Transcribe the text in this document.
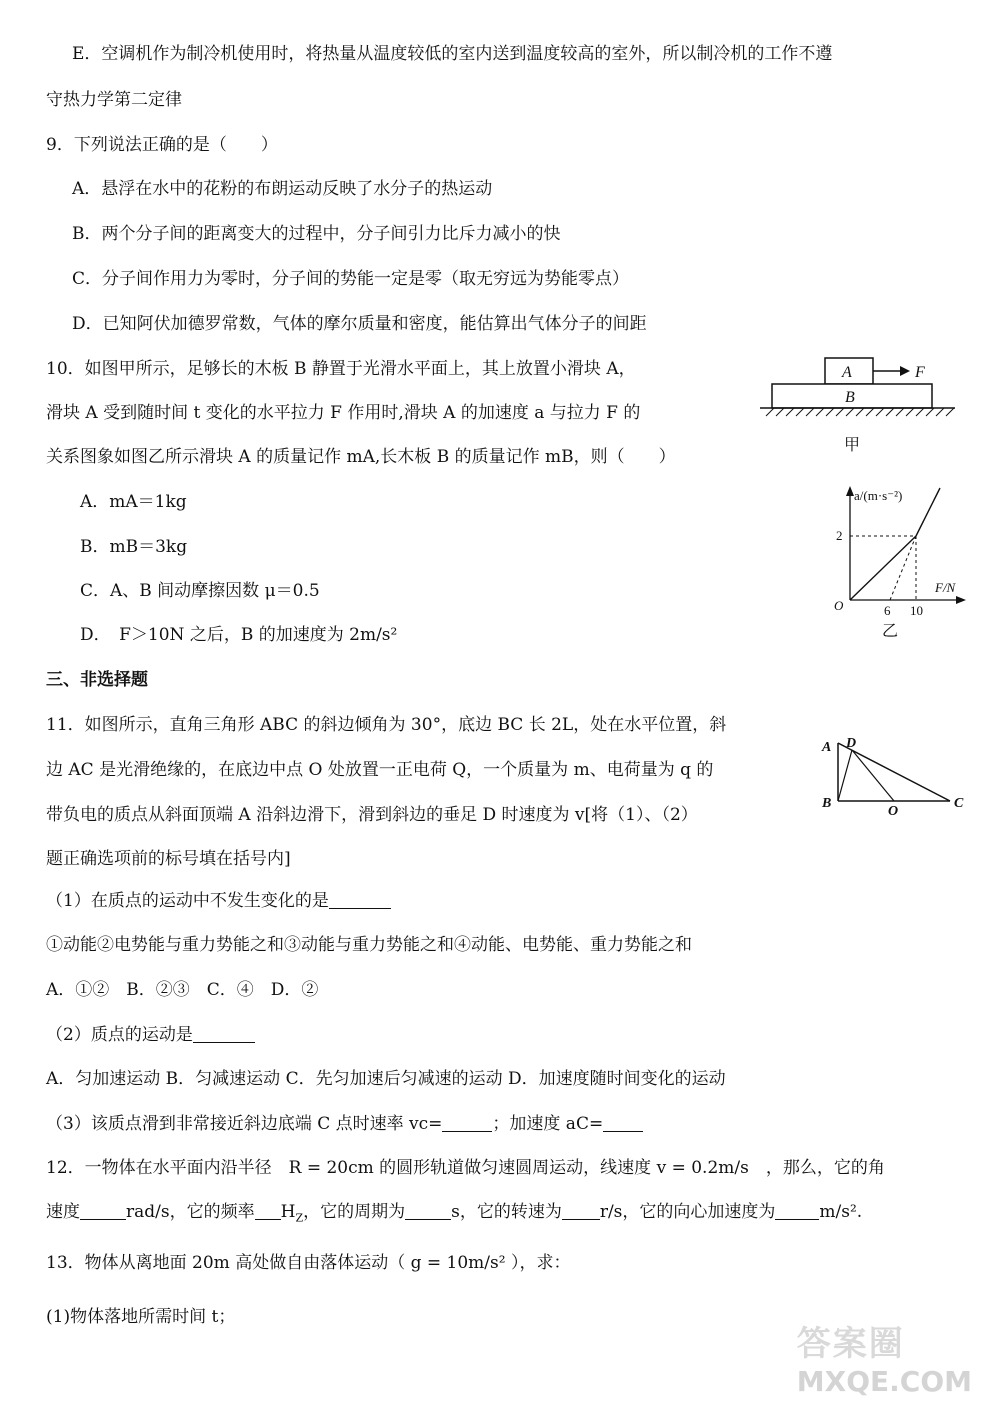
E．空调机作为制冷机使用时，将热量从温度较低的室内送到温度较高的室外，所以制冷机的工作不遵
守热力学第二定律
9．下列说法正确的是（　　）
A．悬浮在水中的花粉的布朗运动反映了水分子的热运动
B．两个分子间的距离变大的过程中，分子间引力比斥力减小的快
C．分子间作用力为零时，分子间的势能一定是零（取无穷远为势能零点）
D．已知阿伏加德罗常数，气体的摩尔质量和密度，能估算出气体分子的间距
10．如图甲所示，足够长的木板 B 静置于光滑水平面上，其上放置小滑块 A，
滑块 A 受到随时间 t 变化的水平拉力 F 作用时,滑块 A 的加速度 a 与拉力 F 的
关系图象如图乙所示滑块 A 的质量记作 mA,长木板 B 的质量记作 mB，则（　　）
A．mA＝1kg
B．mB＝3kg
C．A、B 间动摩擦因数 μ＝0.5
D．　F＞10N 之后，B 的加速度为 2m/s²
A	F
B
甲
a/(m·s⁻²)
F/N
O
2
6 10
乙
三、非选择题
11．如图所示，直角三角形 ABC 的斜边倾角为 30°，底边 BC 长 2L，处在水平位置，斜
边 AC 是光滑绝缘的，在底边中点 O 处放置一正电荷 Q，一个质量为 m、电荷量为 q 的
带负电的质点从斜面顶端 A 沿斜边滑下，滑到斜边的垂足 D 时速度为 v[将（1）、（2）
题正确选项前的标号填在括号内]
A D
B
O
C
（1）在质点的运动中不发生变化的是
①动能②电势能与重力势能之和③动能与重力势能之和④动能、电势能、重力势能之和
A．①②　B．②③　C．④　D．②
（2）质点的运动是
A．匀加速运动 B．匀减速运动 C．先匀加速后匀减速的运动 D．加速度随时间变化的运动
（3）该质点滑到非常接近斜边底端 C 点时速率 vc=	；加速度 aC=
12．一物体在水平面内沿半径　R = 20cm 的圆形轨道做匀速圆周运动，线速度 v = 0.2m/s　，那么，它的角
速度	rad/s，它的频率 $H_Z$，它的周期为	s，它的转速为 r/s，它的向心加速度为	m/s².
13．物体从离地面 20m 高处做自由落体运动（ g = 10m/s² ），求：
(1)物体落地所需时间 t；
答案圈
MXQE.COM
